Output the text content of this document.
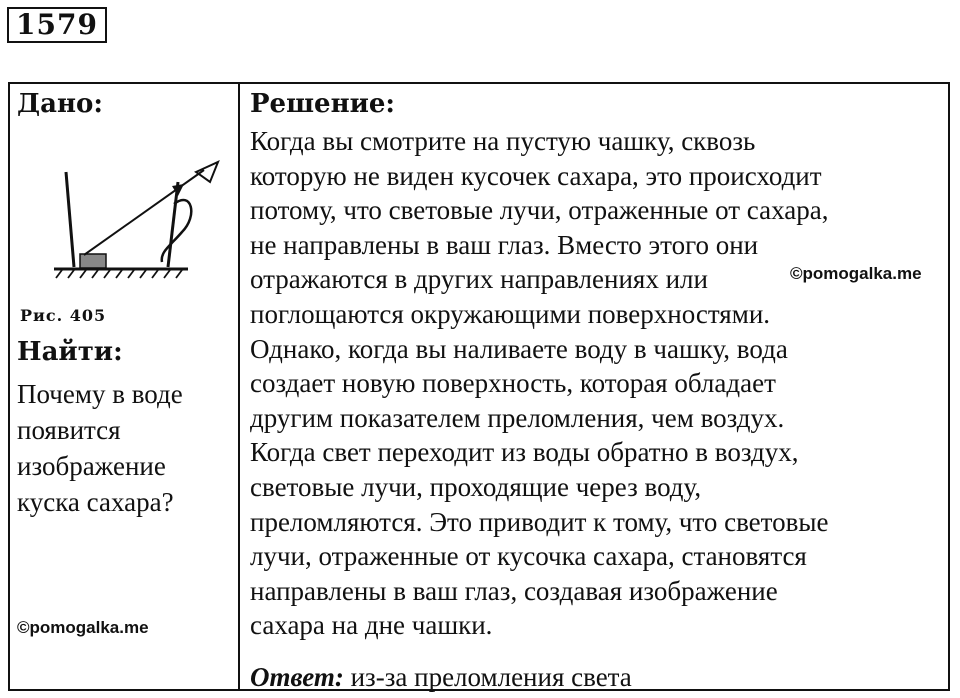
1579
Дано:
Рис. 405
Найти:
Почему в воде появится изображение куска сахара?
©pomogalka.me
Решение:
Когда вы смотрите на пустую чашку, сквозь
которую не виден кусочек сахара, это происходит
потому, что световые лучи, отраженные от сахара,
не направлены в ваш глаз. Вместо этого они
отражаются в других направлениях или
поглощаются окружающими поверхностями.
Однако, когда вы наливаете воду в чашку, вода
создает новую поверхность, которая обладает
другим показателем преломления, чем воздух.
Когда свет переходит из воды обратно в воздух,
световые лучи, проходящие через воду,
преломляются. Это приводит к тому, что световые
лучи, отраженные от кусочка сахара, становятся
направлены в ваш глаз, создавая изображение
сахара на дне чашки.
Ответ: из-за преломления света
©pomogalka.me
